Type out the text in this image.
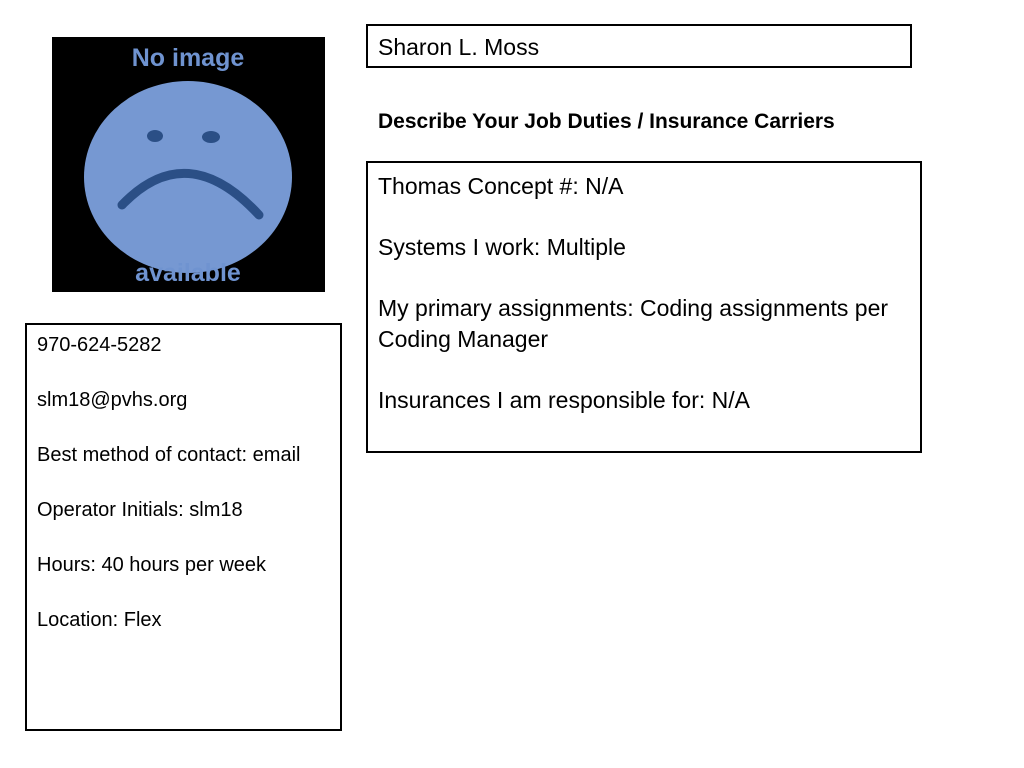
No image
available
Sharon L. Moss
Describe Your Job Duties / Insurance Carriers

Thomas Concept #: N/A

Systems I work: Multiple

My primary assignments: Coding assignments per Coding Manager

Insurances I am responsible for: N/A

970-624-5282

slm18@pvhs.org

Best method of contact: email

Operator Initials: slm18

Hours: 40 hours per week

Location: Flex
